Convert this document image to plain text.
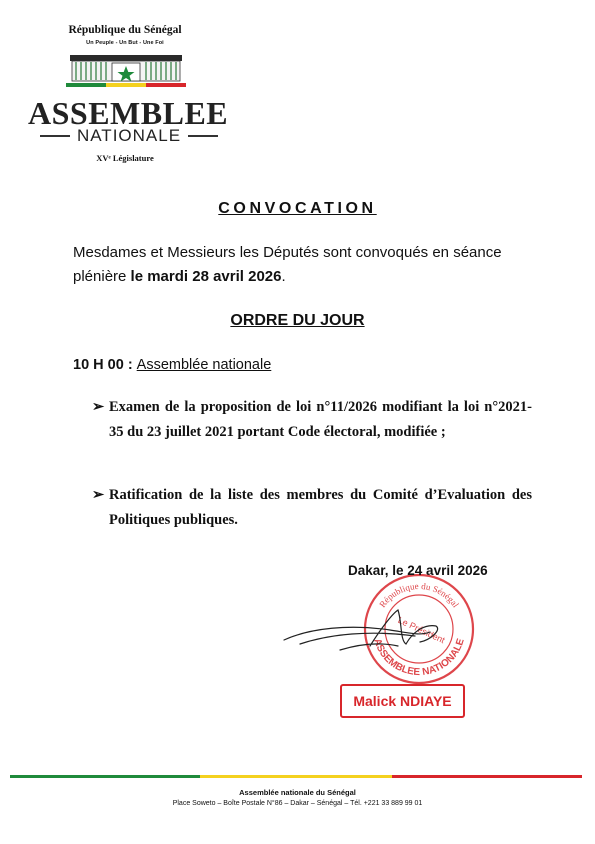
République du Sénégal
Un Peuple - Un But - Une Foi
ASSEMBLEE
NATIONALE
XVᵉ Législature
CONVOCATION
Mesdames et Messieurs les Députés sont convoqués en séance plénière le mardi 28 avril 2026.
ORDRE DU JOUR
10 H 00 : Assemblée nationale
➢ Examen de la proposition de loi n°11/2026 modifiant la loi n°2021-35 du 23 juillet 2021 portant Code électoral, modifiée ;
➢ Ratification de la liste des membres du Comité d’Evaluation des Politiques publiques.
République du Sénégal
ASSEMBLEE NATIONALE
Le Président
Dakar, le 24 avril 2026
Malick NDIAYE
Assemblée nationale du Sénégal
Place Soweto – Boîte Postale N°86 – Dakar – Sénégal – Tél. +221 33 889 99 01
